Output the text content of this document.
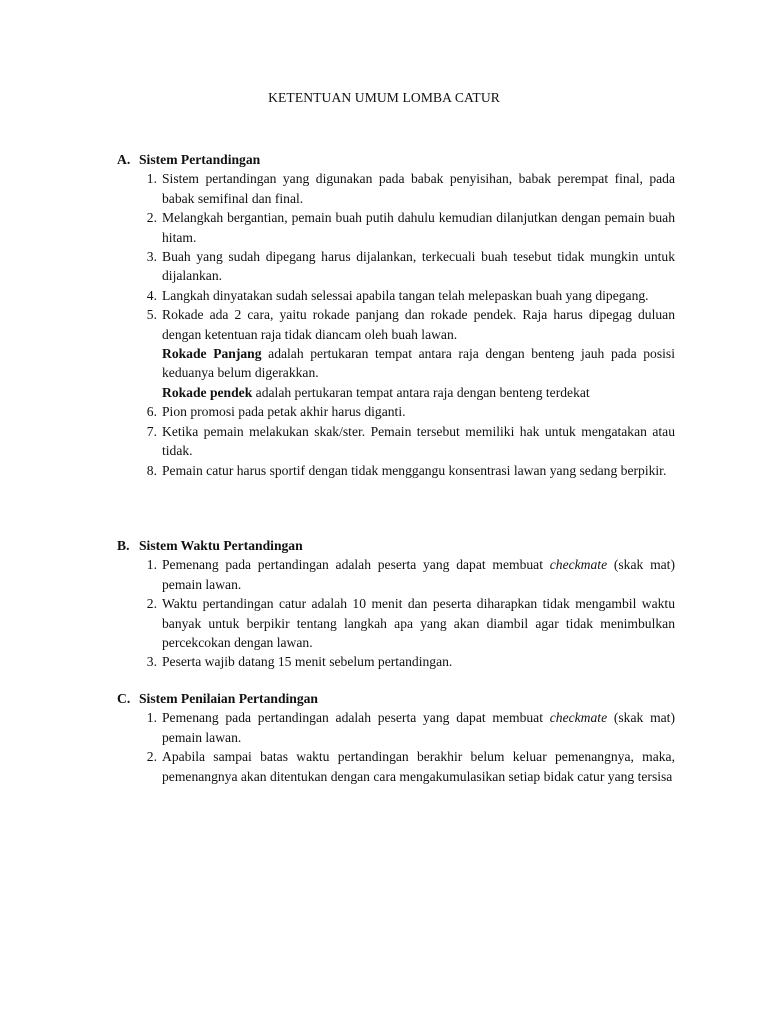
KETENTUAN UMUM LOMBA CATUR
A. Sistem Pertandingan
1. Sistem pertandingan yang digunakan pada babak penyisihan, babak perempat final, pada babak semifinal dan final.
2. Melangkah bergantian, pemain buah putih dahulu kemudian dilanjutkan dengan pemain buah hitam.
3. Buah yang sudah dipegang harus dijalankan, terkecuali buah tesebut tidak mungkin untuk dijalankan.
4. Langkah dinyatakan sudah selessai apabila tangan telah melepaskan buah yang dipegang.
5. Rokade ada 2 cara, yaitu rokade panjang dan rokade pendek. Raja harus dipegag duluan dengan ketentuan raja tidak diancam oleh buah lawan.

Rokade Panjang adalah pertukaran tempat antara raja dengan benteng jauh pada posisi keduanya belum digerakkan.

Rokade pendek adalah pertukaran tempat antara raja dengan benteng terdekat

6. Pion promosi pada petak akhir harus diganti.
7. Ketika pemain melakukan skak/ster. Pemain tersebut memiliki hak untuk mengatakan atau tidak.
8. Pemain catur harus sportif dengan tidak menggangu konsentrasi lawan yang sedang berpikir.
B. Sistem Waktu Pertandingan
1. Pemenang pada pertandingan adalah peserta yang dapat membuat checkmate (skak mat) pemain lawan.
2. Waktu pertandingan catur adalah 10 menit dan peserta diharapkan tidak mengambil waktu banyak untuk berpikir tentang langkah apa yang akan diambil agar tidak menimbulkan percekcokan dengan lawan.
3. Peserta wajib datang 15 menit sebelum pertandingan.
C. Sistem Penilaian Pertandingan
1. Pemenang pada pertandingan adalah peserta yang dapat membuat checkmate (skak mat) pemain lawan.
2. Apabila sampai batas waktu pertandingan berakhir belum keluar pemenangnya, maka, pemenangnya akan ditentukan dengan cara mengakumulasikan setiap bidak catur yang tersisa
